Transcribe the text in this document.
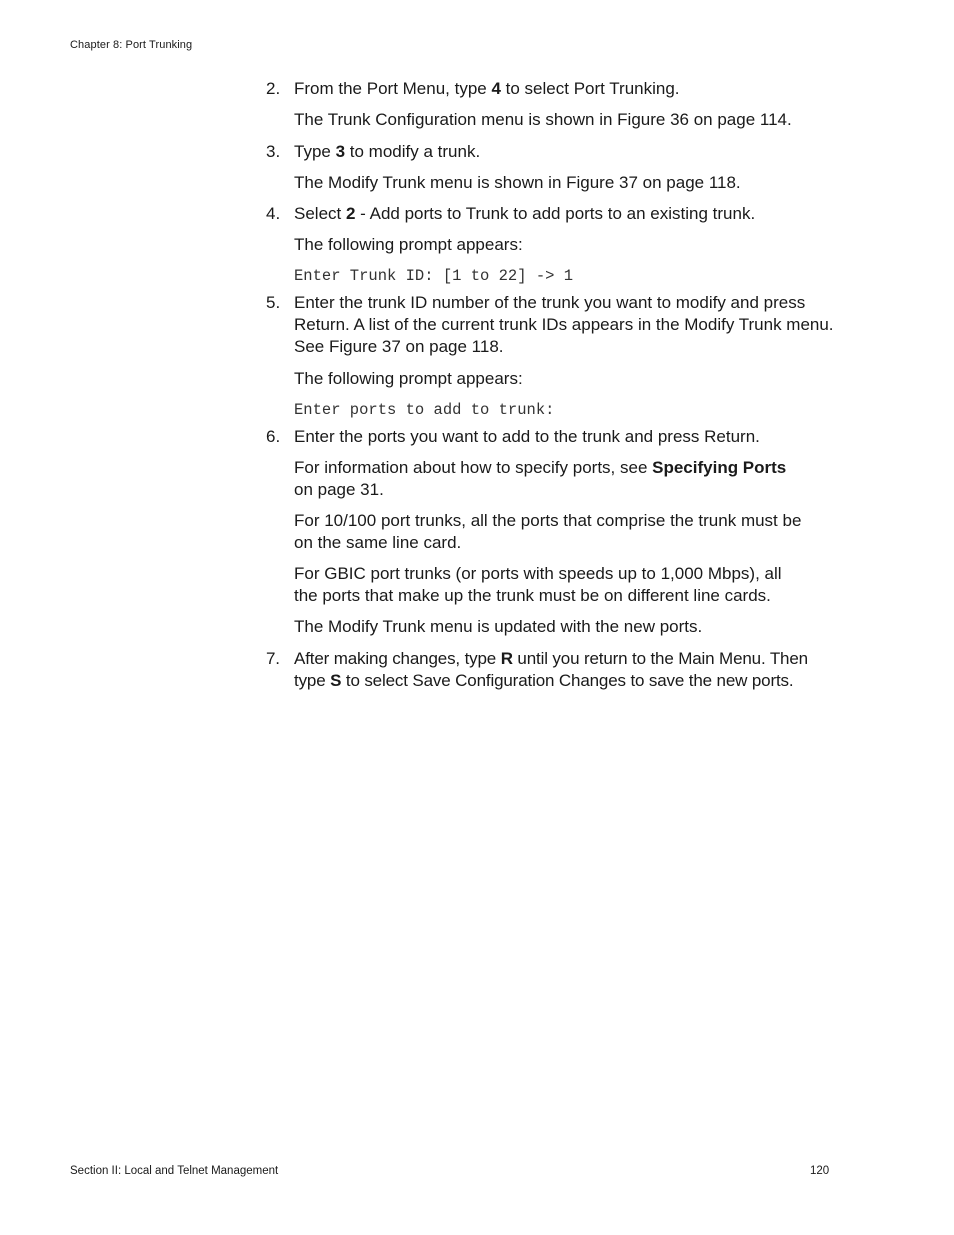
Chapter 8: Port Trunking
2. From the Port Menu, type 4 to select Port Trunking.
The Trunk Configuration menu is shown in Figure 36 on page 114.
3. Type 3 to modify a trunk.
The Modify Trunk menu is shown in Figure 37 on page 118.
4. Select 2 - Add ports to Trunk to add ports to an existing trunk.
The following prompt appears:
Enter Trunk ID: [1 to 22] -> 1
5. Enter the trunk ID number of the trunk you want to modify and press Return. A list of the current trunk IDs appears in the Modify Trunk menu. See Figure 37 on page 118.
The following prompt appears:
Enter ports to add to trunk:
6. Enter the ports you want to add to the trunk and press Return.
For information about how to specify ports, see Specifying Ports on page 31.
For 10/100 port trunks, all the ports that comprise the trunk must be on the same line card.
For GBIC port trunks (or ports with speeds up to 1,000 Mbps), all the ports that make up the trunk must be on different line cards.
The Modify Trunk menu is updated with the new ports.
7. After making changes, type R until you return to the Main Menu. Then type S to select Save Configuration Changes to save the new ports.
Section II: Local and Telnet Management	120
